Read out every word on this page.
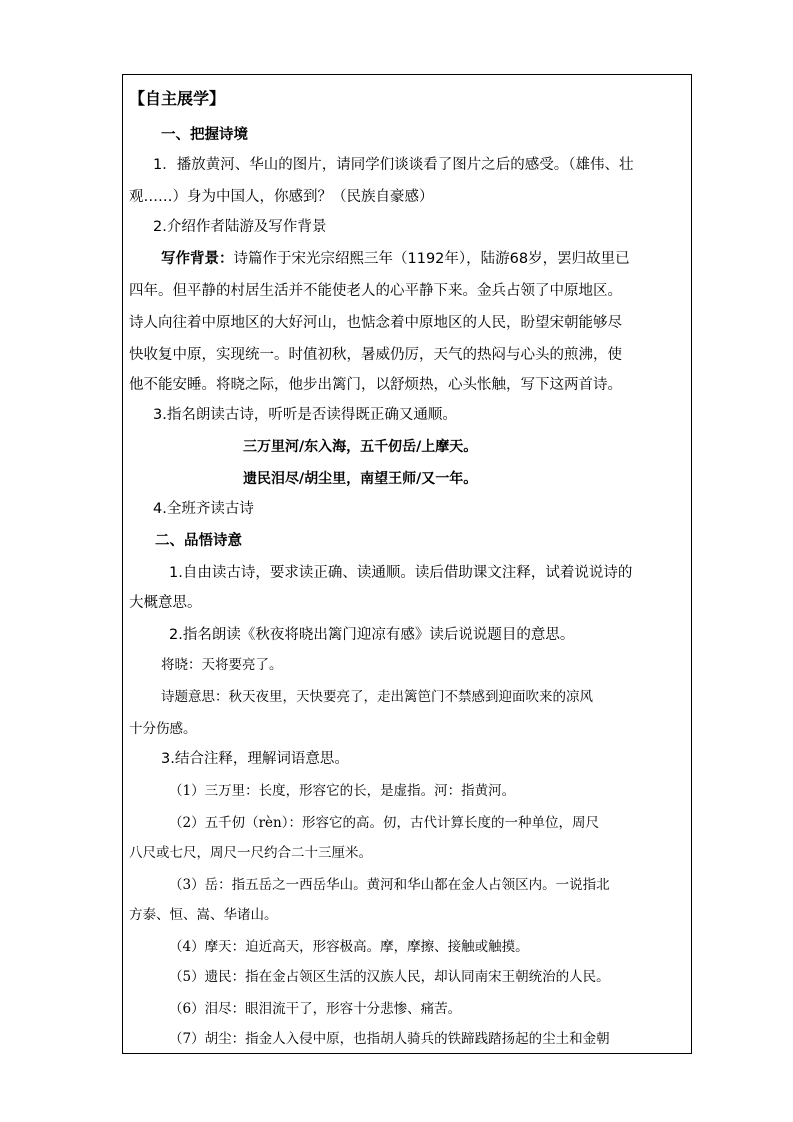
【自主展学】
一、把握诗境
1．播放黄河、华山的图片，请同学们谈谈看了图片之后的感受。（雄伟、壮
观……）身为中国人，你感到？（民族自豪感）
2.介绍作者陆游及写作背景
写作背景：诗篇作于宋光宗绍熙三年（1192年），陆游68岁，罢归故里已
四年。但平静的村居生活并不能使老人的心平静下来。金兵占领了中原地区。
诗人向往着中原地区的大好河山，也惦念着中原地区的人民，盼望宋朝能够尽
快收复中原，实现统一。时值初秋，暑威仍厉，天气的热闷与心头的煎沸，使
他不能安睡。将晓之际，他步出篱门，以舒烦热，心头怅触，写下这两首诗。
3.指名朗读古诗，听听是否读得既正确又通顺。
三万里河/东入海，五千仞岳/上摩天。
遗民泪尽/胡尘里，南望王师/又一年。
4.全班齐读古诗
二、品悟诗意
1.自由读古诗，要求读正确、读通顺。读后借助课文注释，试着说说诗的
大概意思。
2.指名朗读《秋夜将晓出篱门迎凉有感》读后说说题目的意思。
将晓：天将要亮了。
诗题意思：秋天夜里，天快要亮了，走出篱笆门不禁感到迎面吹来的凉风
十分伤感。
3.结合注释，理解词语意思。
（1）三万里：长度，形容它的长，是虚指。河：指黄河。
（2）五千仞（rèn）：形容它的高。仞，古代计算长度的一种单位，周尺
八尺或七尺，周尺一尺约合二十三厘米。
（3）岳：指五岳之一西岳华山。黄河和华山都在金人占领区内。一说指北
方泰、恒、嵩、华诸山。
（4）摩天：迫近高天，形容极高。摩，摩擦、接触或触摸。
（5）遗民：指在金占领区生活的汉族人民，却认同南宋王朝统治的人民。
（6）泪尽：眼泪流干了，形容十分悲惨、痛苦。
（7）胡尘：指金人入侵中原，也指胡人骑兵的铁蹄践踏扬起的尘土和金朝
